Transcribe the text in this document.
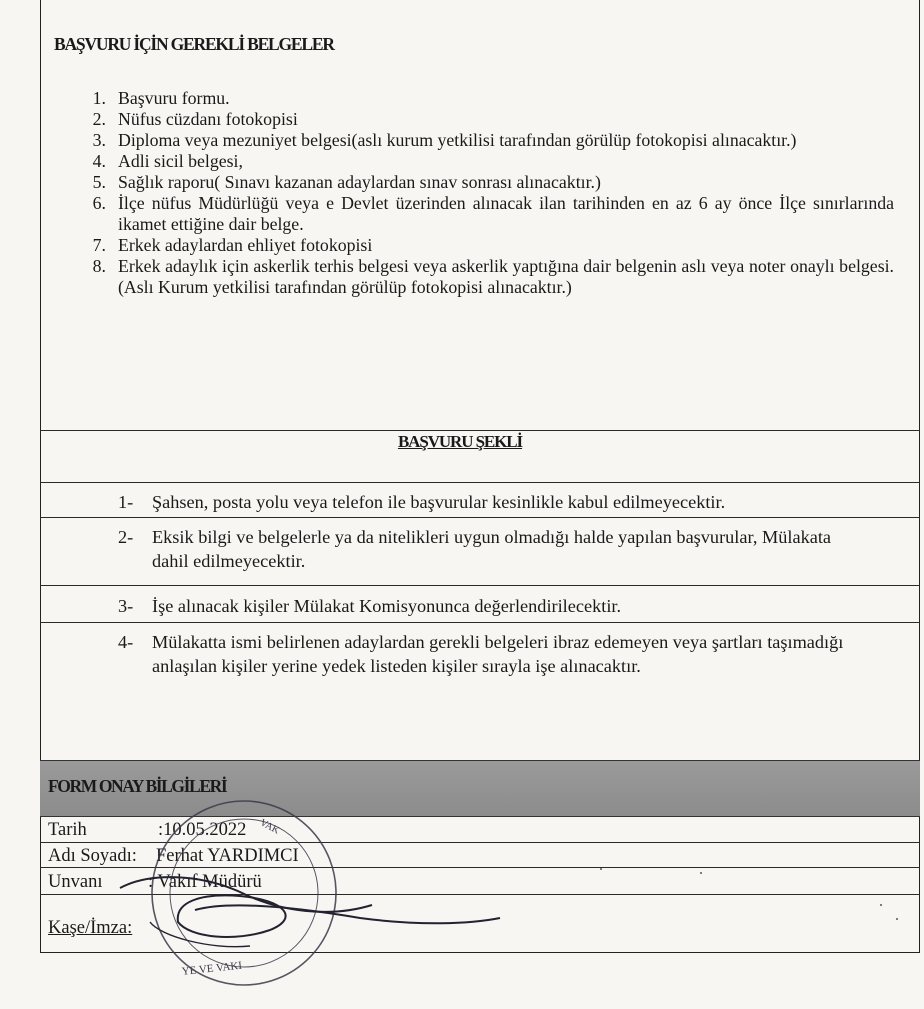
BAŞVURU İÇİN GEREKLİ BELGELER
1. Başvuru formu.
2. Nüfus cüzdanı fotokopisi
3. Diploma veya mezuniyet belgesi(aslı kurum yetkilisi tarafından görülüp fotokopisi alınacaktır.)
4. Adli sicil belgesi,
5. Sağlık raporu( Sınavı kazanan adaylardan sınav sonrası alınacaktır.)
6. İlçe nüfus Müdürlüğü veya e Devlet üzerinden alınacak ilan tarihinden en az 6 ay önce İlçe sınırlarında ikamet ettiğine dair belge.
7. Erkek adaylardan ehliyet fotokopisi
8. Erkek adaylık için askerlik terhis belgesi veya askerlik yaptığına dair belgenin aslı veya noter onaylı belgesi.(Aslı Kurum yetkilisi tarafından görülüp fotokopisi alınacaktır.)
BAŞVURU ŞEKLİ
1- Şahsen, posta yolu veya telefon ile başvurular kesinlikle kabul edilmeyecektir.
2- Eksik bilgi ve belgelerle ya da nitelikleri uygun olmadığı halde yapılan başvurular, Mülakata dahil edilmeyecektir.
3- İşe alınacak kişiler Mülakat Komisyonunca değerlendirilecektir.
4- Mülakatta ismi belirlenen adaylardan gerekli belgeleri ibraz edemeyen veya şartları taşımadığı anlaşılan kişiler yerine yedek listeden kişiler sırayla işe alınacaktır.
FORM ONAY BİLGİLERİ
Tarih	:10.05.2022
Adı Soyadı: Ferhat YARDIMCI
Unvanı : Vakıf Müdürü
Kaşe/İmza:
YE VE VAKI
VAK
